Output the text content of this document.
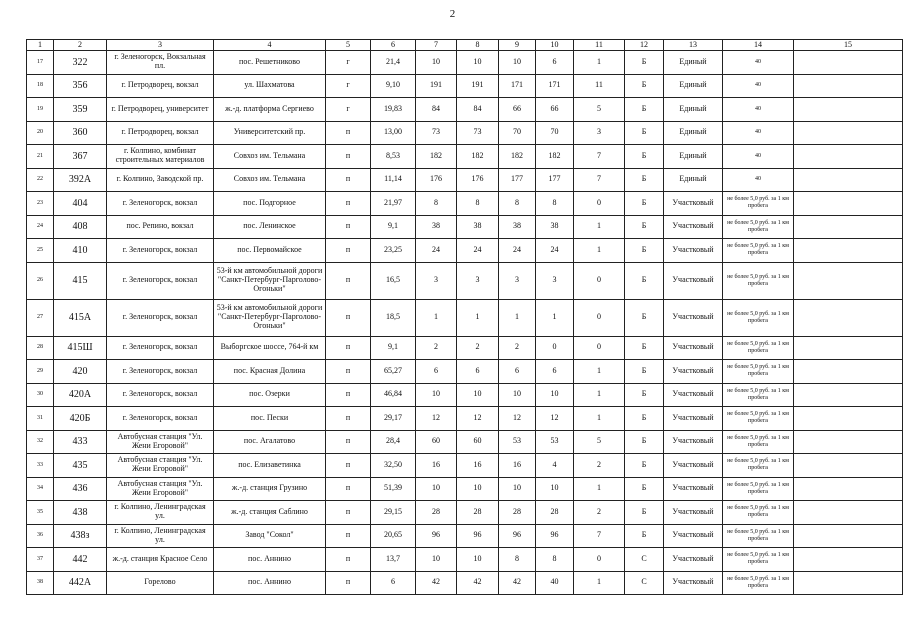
2
1	2	3	4	5	6	7	8	9	10	11	12	13	14	15
17	322	г. Зеленогорск, Вокзальная пл.	пос. Решетниково	г	21,4	10	10	10	6	1	Б	Единый	40	
18	356	г. Петродворец, вокзал	ул. Шахматова	г	9,10	191	191	171	171	11	Б	Единый	40	
19	359	г. Петродворец, университет	ж.-д. платформа Сергиево	г	19,83	84	84	66	66	5	Б	Единый	40	
20	360	г. Петродворец, вокзал	Университетский пр.	п	13,00	73	73	70	70	3	Б	Единый	40	
21	367	г. Колпино, комбинат строительных материалов	Совхоз им. Тельмана	п	8,53	182	182	182	182	7	Б	Единый	40	
22	392А	г. Колпино, Заводской пр.	Совхоз им. Тельмана	п	11,14	176	176	177	177	7	Б	Единый	40	
23	404	г. Зеленогорск, вокзал	пос. Подгорное	п	21,97	8	8	8	8	0	Б	Участковый	не более 5,0 руб. за 1 км пробега	
24	408	пос. Репино, вокзал	пос. Ленинское	п	9,1	38	38	38	38	1	Б	Участковый	не более 5,0 руб. за 1 км пробега	
25	410	г. Зеленогорск, вокзал	пос. Первомайское	п	23,25	24	24	24	24	1	Б	Участковый	не более 5,0 руб. за 1 км пробега	
26	415	г. Зеленогорск, вокзал	53-й км автомобильной дороги "Санкт-Петербург-Парголово-Огоньки"	п	16,5	3	3	3	3	0	Б	Участковый	не более 5,0 руб. за 1 км пробега	
27	415А	г. Зеленогорск, вокзал	53-й км автомобильной дороги "Санкт-Петербург-Парголово-Огоньки"	п	18,5	1	1	1	1	0	Б	Участковый	не более 5,0 руб. за 1 км пробега	
28	415Ш	г. Зеленогорск, вокзал	Выборгское шоссе, 764-й км	п	9,1	2	2	2	0	0	Б	Участковый	не более 5,0 руб. за 1 км пробега	
29	420	г. Зеленогорск, вокзал	пос. Красная Долина	п	65,27	6	6	6	6	1	Б	Участковый	не более 5,0 руб. за 1 км пробега	
30	420А	г. Зеленогорск, вокзал	пос. Озерки	п	46,84	10	10	10	10	1	Б	Участковый	не более 5,0 руб. за 1 км пробега	
31	420Б	г. Зеленогорск, вокзал	пос. Пески	п	29,17	12	12	12	12	1	Б	Участковый	не более 5,0 руб. за 1 км пробега	
32	433	Автобусная станция "Ул. Жени Егоровой"	пос. Агалатово	п	28,4	60	60	53	53	5	Б	Участковый	не более 5,0 руб. за 1 км пробега	
33	435	Автобусная станция "Ул. Жени Егоровой"	пос. Елизаветинка	п	32,50	16	16	16	4	2	Б	Участковый	не более 5,0 руб. за 1 км пробега	
34	436	Автобусная станция "Ул. Жени Егоровой"	ж.-д. станция Грузино	п	51,39	10	10	10	10	1	Б	Участковый	не более 5,0 руб. за 1 км пробега	
35	438	г. Колпино, Ленинградская ул.	ж.-д. станция Саблино	п	29,15	28	28	28	28	2	Б	Участковый	не более 5,0 руб. за 1 км пробега	
36	438з	г. Колпино, Ленинградская ул.	Завод "Сокол"	п	20,65	96	96	96	96	7	Б	Участковый	не более 5,0 руб. за 1 км пробега	
37	442	ж.-д. станция Красное Село	пос. Аннино	п	13,7	10	10	8	8	0	С	Участковый	не более 5,0 руб. за 1 км пробега	
38	442А	Горелово	пос. Аннино	п	6	42	42	42	40	1	С	Участковый	не более 5,0 руб. за 1 км пробега	
